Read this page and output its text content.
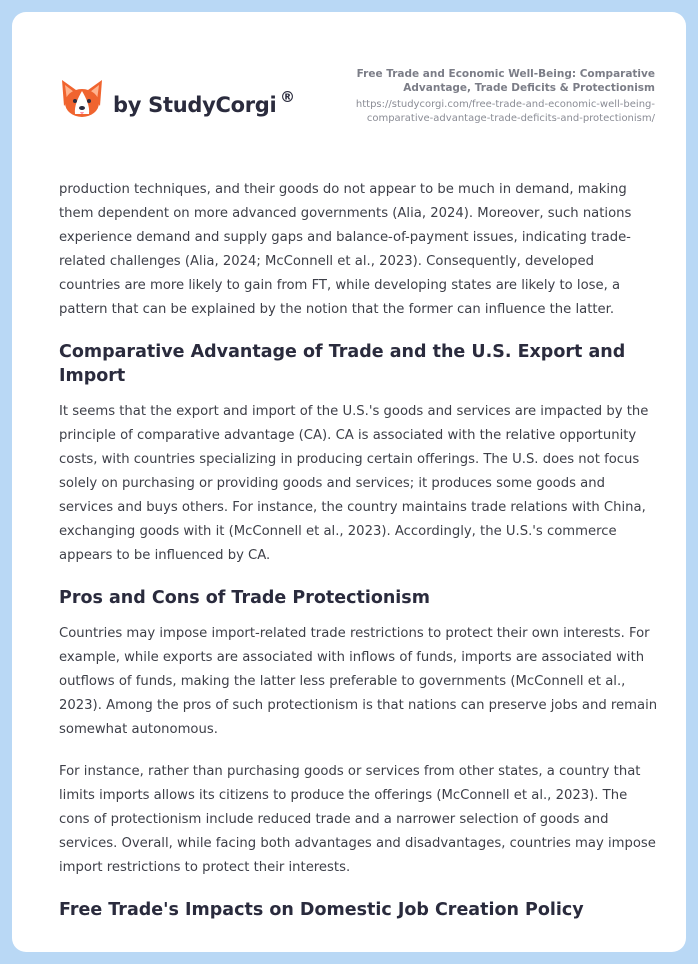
by StudyCorgi ®
Free Trade and Economic Well-Being: Comparative Advantage, Trade Deficits & Protectionism
https://studycorgi.com/free-trade-and-economic-well-being-comparative-advantage-trade-deficits-and-protectionism/

production techniques, and their goods do not appear to be much in demand, making them dependent on more advanced governments (Alia, 2024). Moreover, such nations experience demand and supply gaps and balance-of-payment issues, indicating trade-related challenges (Alia, 2024; McConnell et al., 2023). Consequently, developed countries are more likely to gain from FT, while developing states are likely to lose, a pattern that can be explained by the notion that the former can influence the latter.

Comparative Advantage of Trade and the U.S. Export and Import

It seems that the export and import of the U.S.'s goods and services are impacted by the principle of comparative advantage (CA). CA is associated with the relative opportunity costs, with countries specializing in producing certain offerings. The U.S. does not focus solely on purchasing or providing goods and services; it produces some goods and services and buys others. For instance, the country maintains trade relations with China, exchanging goods with it (McConnell et al., 2023). Accordingly, the U.S.'s commerce appears to be influenced by CA.

Pros and Cons of Trade Protectionism

Countries may impose import-related trade restrictions to protect their own interests. For example, while exports are associated with inflows of funds, imports are associated with outflows of funds, making the latter less preferable to governments (McConnell et al., 2023). Among the pros of such protectionism is that nations can preserve jobs and remain somewhat autonomous.

For instance, rather than purchasing goods or services from other states, a country that limits imports allows its citizens to produce the offerings (McConnell et al., 2023). The cons of protectionism include reduced trade and a narrower selection of goods and services. Overall, while facing both advantages and disadvantages, countries may impose import restrictions to protect their interests.

Free Trade's Impacts on Domestic Job Creation Policy
